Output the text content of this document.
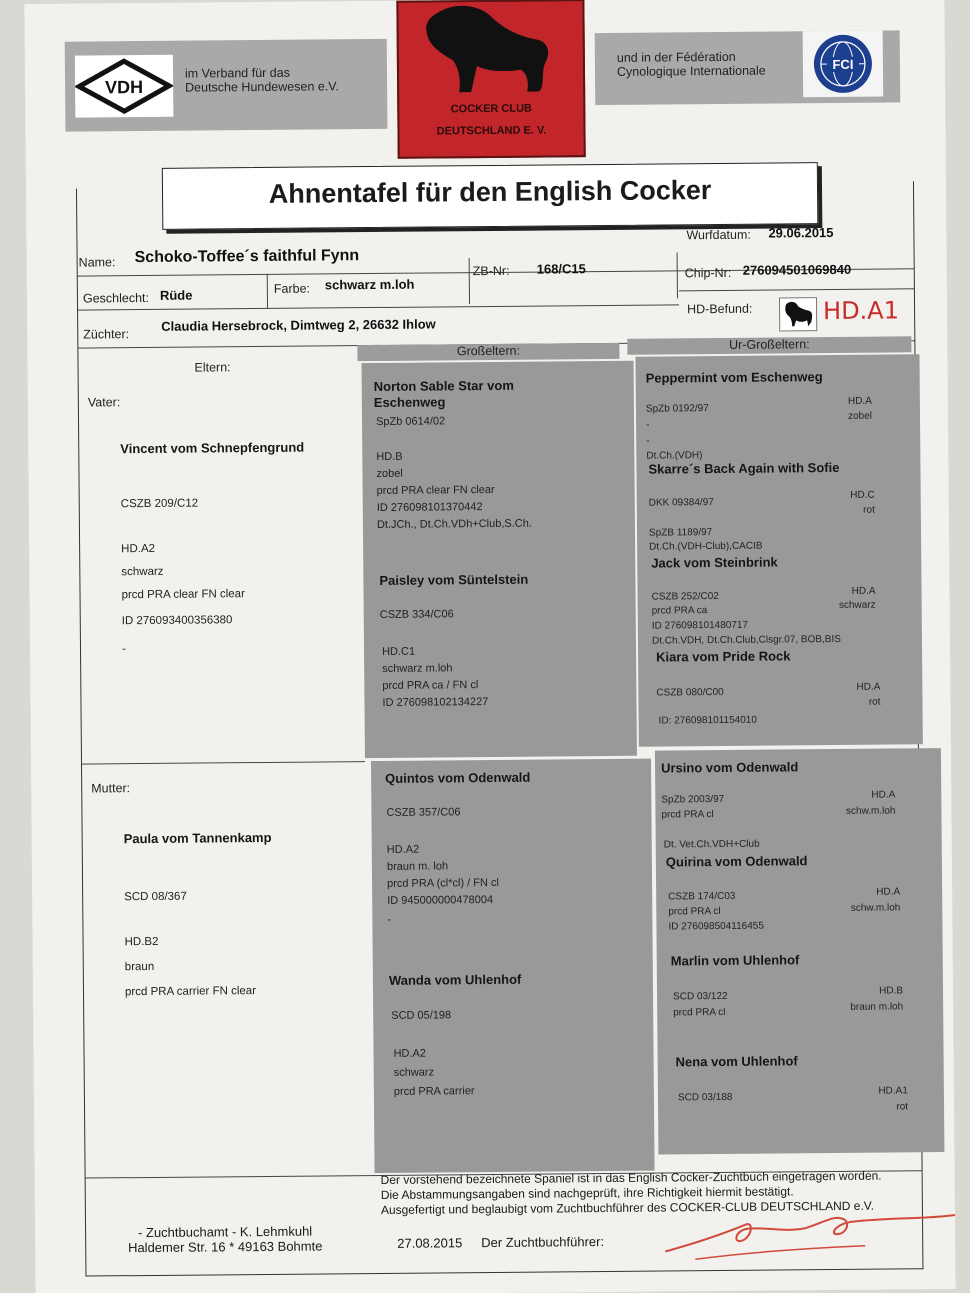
VDH
im Verband für das
Deutsche Hundewesen e.V.
COCKER CLUB
DEUTSCHLAND E. V.
und in der Fédération
Cynologique Internationale	FCI
Ahnentafel für den English Cocker
Name: Schoko-Toffee´s faithful Fynn
Wurfdatum: 29.06.2015
Geschlecht: Rüde	Farbe: schwarz m.loh
ZB-Nr: 168/C15	Chip-Nr: 276094501069840
Züchter:
Claudia Hersebrock, Dimtweg 2, 26632 Ihlow
HD-Befund:	HD.A1
Eltern:
Großeltern:	Ur-Großeltern:
Vater:
Vincent vom Schnepfengrund
CSZB 209/C12
HD.A2
schwarz
prcd PRA clear FN clear
ID 276093400356380
-
Mutter:
Paula vom Tannenkamp
SCD 08/367
HD.B2
braun
prcd PRA carrier FN clear
Norton Sable Star vom Eschenweg
SpZb 0614/02
HD.B
zobel
prcd PRA clear FN clear
ID 276098101370442
Dt.JCh., Dt.Ch.VDh+Club,S.Ch.
Paisley vom Süntelstein
CSZB 334/C06
HD.C1
schwarz m.loh
prcd PRA ca / FN cl
ID 276098102134227
Quintos vom Odenwald
CSZB 357/C06
HD.A2
braun m. loh
prcd PRA (cl*cl) / FN cl
ID 945000000478004
-
Wanda vom Uhlenhof
SCD 05/198
HD.A2
schwarz
prcd PRA carrier
Peppermint vom Eschenweg
SpZb 0192/97
HD.A
zobel
-
-
Dt.Ch.(VDH)
Skarre´s Back Again with Sofie
DKK 09384/97
HD.C
rot
SpZB 1189/97
Dt.Ch.(VDH-Club),CACIB
Jack vom Steinbrink
CSZB 252/C02	HD.A
schwarz
prcd PRA ca
ID 276098101480717
Dt.Ch.VDH, Dt.Ch.Club,Clsgr.07, BOB,BIS
Kiara vom Pride Rock
CSZB 080/C00	HD.A
rot
ID: 276098101154010
Ursino vom Odenwald
SpZb 2003/97	HD.A
schw.m.loh
prcd PRA cl
Dt. Vet.Ch.VDH+Club
Quirina vom Odenwald
CSZB 174/C03	HD.A
schw.m.loh
prcd PRA cl
ID 276098504116455
Marlin vom Uhlenhof
SCD 03/122	HD.B
braun m.loh
prcd PRA cl
Nena vom Uhlenhof
SCD 03/188
HD.A1
rot
Der vorstehend bezeichnete Spaniel ist in das English Cocker-Zuchtbuch eingetragen worden.
Die Abstammungsangaben sind nachgeprüft, ihre Richtigkeit hiermit bestätigt.
Ausgefertigt und beglaubigt vom Zuchtbuchführer des COCKER-CLUB DEUTSCHLAND e.V.
- Zuchtbuchamt - K. Lehmkuhl
Haldemer Str. 16 * 49163 Bohmte	27.08.2015 Der Zuchtbuchführer:
